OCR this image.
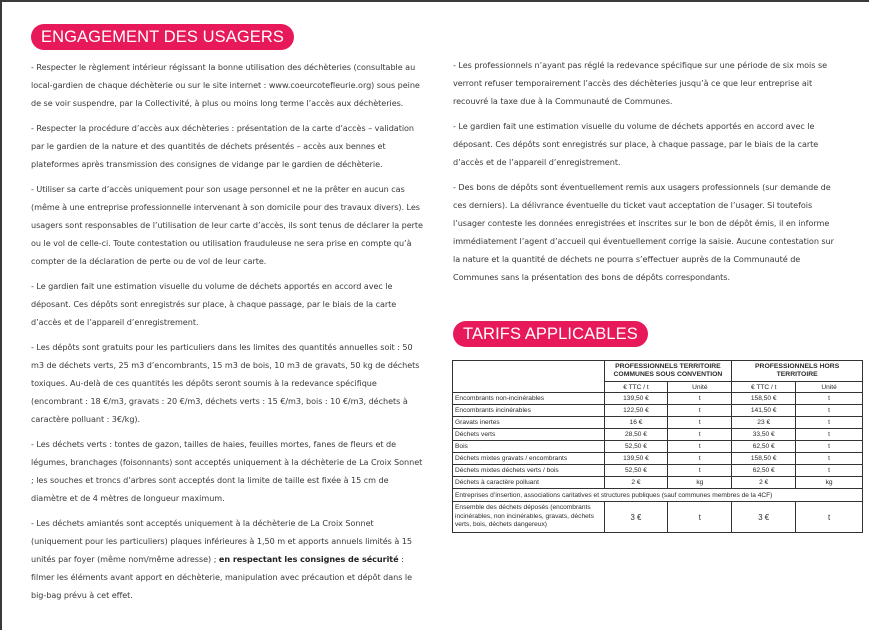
ENGAGEMENT DES USAGERS

- Respecter le règlement intérieur régissant la bonne utilisation des déchèteries (consultable au local-gardien de chaque déchèterie ou sur le site internet : www.coeurcotefleurie.org) sous peine de se voir suspendre, par la Collectivité, à plus ou moins long terme l’accès aux déchèteries.

- Respecter la procédure d’accès aux déchèteries : présentation de la carte d’accès – validation par le gardien de la nature et des quantités de déchets présentés – accès aux bennes et plateformes après transmission des consignes de vidange par le gardien de déchèterie.

- Utiliser sa carte d’accès uniquement pour son usage personnel et ne la prêter en aucun cas (même à une entreprise professionnelle intervenant à son domicile pour des travaux divers). Les usagers sont responsables de l’utilisation de leur carte d’accès, ils sont tenus de déclarer la perte ou le vol de celle-ci. Toute contestation ou utilisation frauduleuse ne sera prise en compte qu’à compter de la déclaration de perte ou de vol de leur carte.

- Le gardien fait une estimation visuelle du volume de déchets apportés en accord avec le déposant. Ces dépôts sont enregistrés sur place, à chaque passage, par le biais de la carte d’accès et de l’appareil d’enregistrement.

- Les dépôts sont gratuits pour les particuliers dans les limites des quantités annuelles soit : 50 m3 de déchets verts, 25 m3 d’encombrants, 15 m3 de bois, 10 m3 de gravats, 50 kg de déchets toxiques. Au-delà de ces quantités les dépôts seront soumis à la redevance spécifique (encombrant : 18 €/m3, gravats : 20 €/m3, déchets verts : 15 €/m3, bois : 10 €/m3, déchets à caractère polluant : 3€/kg).

- Les déchets verts : tontes de gazon, tailles de haies, feuilles mortes, fanes de fleurs et de légumes, branchages (foisonnants) sont acceptés uniquement à la déchèterie de La Croix Sonnet ; les souches et troncs d’arbres sont acceptés dont la limite de taille est fixée à 15 cm de diamètre et de 4 mètres de longueur maximum.

- Les déchets amiantés sont acceptés uniquement à la déchèterie de La Croix Sonnet (uniquement pour les particuliers) plaques inférieures à 1,50 m et apports annuels limités à 15 unités par foyer (même nom/même adresse) ; en respectant les consignes de sécurité : filmer les éléments avant apport en déchèterie, manipulation avec précaution et dépôt dans le big-bag prévu à cet effet.

- Les professionnels n’ayant pas réglé la redevance spécifique sur une période de six mois se verront refuser temporairement l’accès des déchèteries jusqu’à ce que leur entreprise ait recouvré la taxe due à la Communauté de Communes.

- Le gardien fait une estimation visuelle du volume de déchets apportés en accord avec le déposant. Ces dépôts sont enregistrés sur place, à chaque passage, par le biais de la carte d’accès et de l’appareil d’enregistrement.

- Des bons de dépôts sont éventuellement remis aux usagers professionnels (sur demande de ces derniers). La délivrance éventuelle du ticket vaut acceptation de l’usager. Si toutefois l’usager conteste les données enregistrées et inscrites sur le bon de dépôt émis, il en informe immédiatement l’agent d’accueil qui éventuellement corrige la saisie. Aucune contestation sur la nature et la quantité de déchets ne pourra s’effectuer auprès de la Communauté de Communes sans la présentation des bons de dépôts correspondants.

TARIFS APPLICABLES
	PROFESSIONNELS TERRITOIRE COMMUNES SOUS CONVENTION		PROFESSIONNELS HORS TERRITOIRE	
	€ TTC / t	Unité	€ TTC / t	Unité
Encombrants non-incinérables	139,50 €	t	158,50 €	t
Encombrants incinérables	122,50 €	t	141,50 €	t
Gravats inertes	16 €	t	23 €	t
Déchets verts	28,50 €	t	33,50 €	t
Bois	52,50 €	t	62,50 €	t
Déchets mixtes gravats / encombrants	139,50 €	t	158,50 €	t
Déchets mixtes déchets verts / bois	52,50 €	t	62,50 €	t
Déchets à caractère polluant	2 €	kg	2 €	kg
Entreprises d’insertion, associations caritatives et structures publiques (sauf communes membres de la 4CF)				
Ensemble des déchets déposés (encombrants incinérables, non incinérables, gravats, déchets verts, bois, déchets dangereux)	3 €	t	3 €	t
